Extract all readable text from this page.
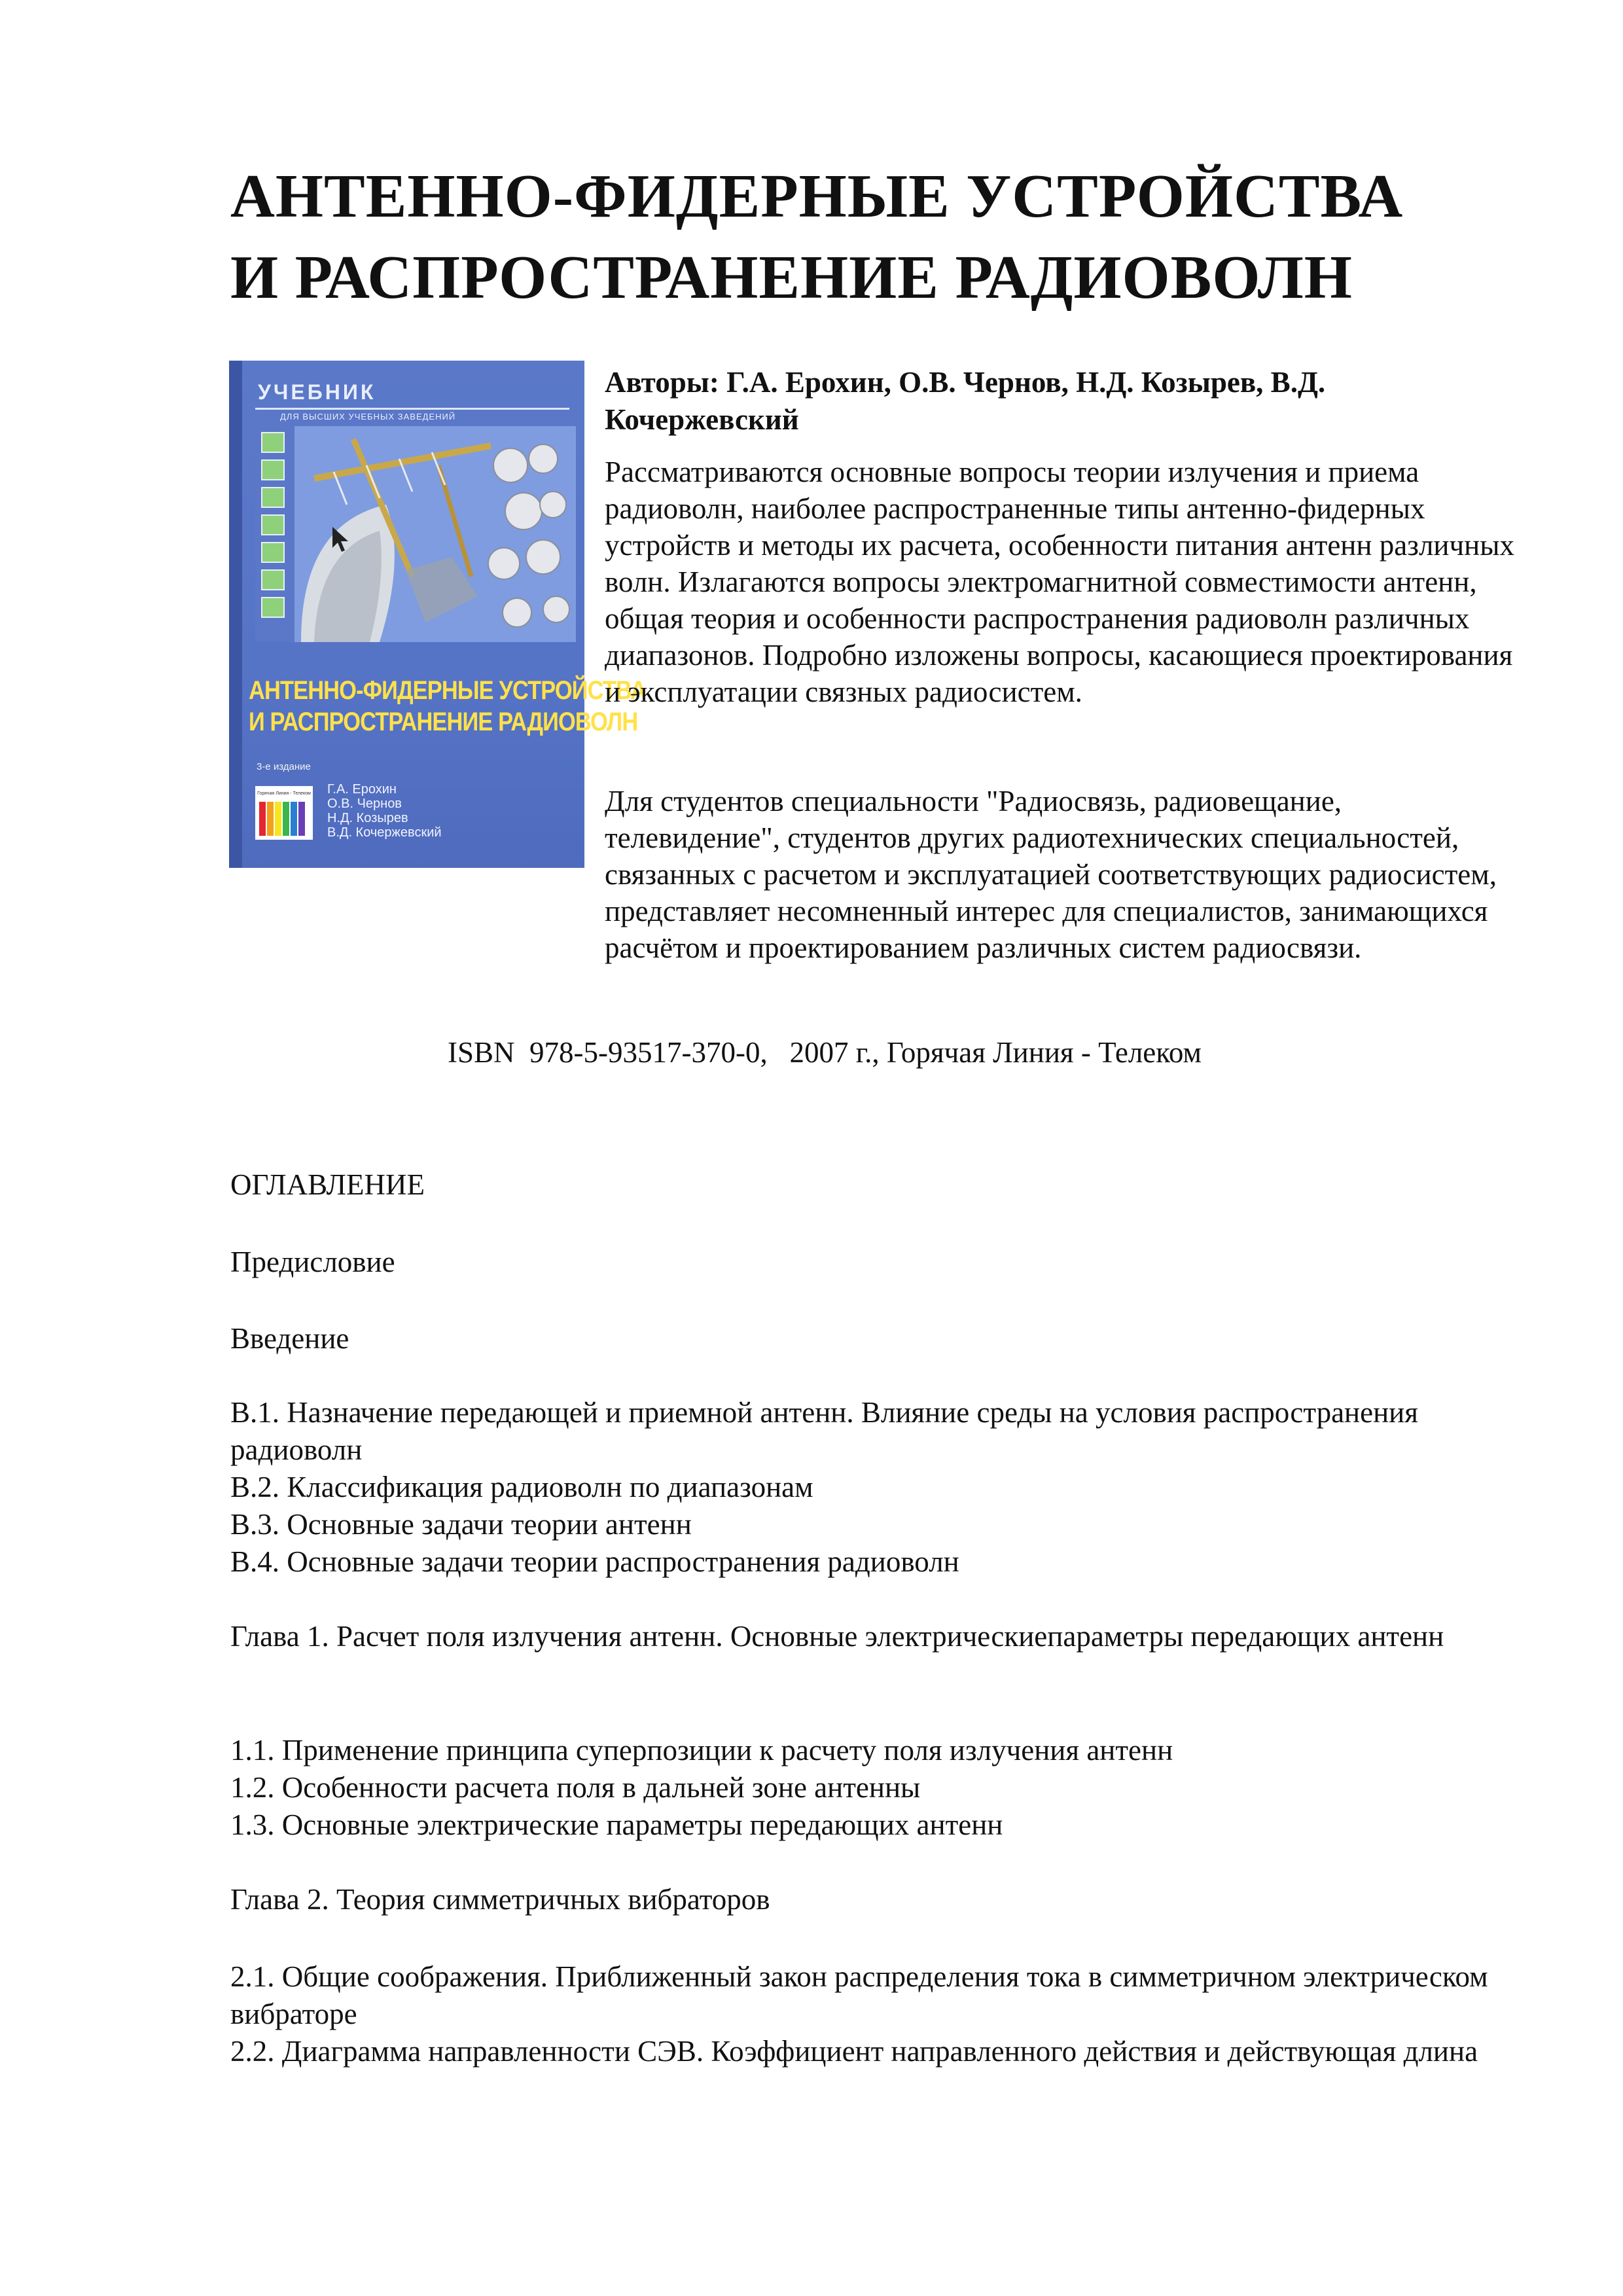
АНТЕННО-ФИДЕРНЫЕ УСТРОЙСТВА
И РАСПРОСТРАНЕНИЕ РАДИОВОЛН
УЧЕБНИК
ДЛЯ ВЫСШИХ УЧЕБНЫХ ЗАВЕДЕНИЙ
АНТЕННО-ФИДЕРНЫЕ УСТРОЙСТВА
И РАСПРОСТРАНЕНИЕ РАДИОВОЛН
3-е издание
Горячая Линия - Телеком Г.А. Ерохин
О.В. Чернов
Н.Д. Козырев
В.Д. Кочержевский

Авторы: Г.А. Ерохин, О.В. Чернов, Н.Д. Козырев, В.Д. Кочержевский

Рассматриваются основные вопросы теории излучения и приема радиоволн, наиболее распространенные типы антенно-фидерных устройств и методы их расчета, особенности питания антенн различных волн. Излагаются вопросы электромагнитной совместимости антенн, общая теория и особенности распространения радиоволн различных диапазонов. Подробно изложены вопросы, касающиеся проектирования и эксплуатации связных радиосистем.

Для студентов специальности "Радиосвязь, радиовещание, телевидение", студентов других радиотехнических специальностей, связанных с расчетом и эксплуатацией соответствующих радиосистем, представляет несомненный интерес для специалистов, занимающихся расчётом и проектированием различных систем радиосвязи.

ISBN  978-5-93517-370-0,   2007 г., Горячая Линия - Телеком
ОГЛАВЛЕНИЕ
Предисловие
Введение
В.1. Назначение передающей и приемной антенн. Влияние среды на условия распространения радиоволн
В.2. Классификация радиоволн по диапазонам
В.3. Основные задачи теории антенн
В.4. Основные задачи теории распространения радиоволн
Глава 1. Расчет поля излучения антенн. Основные электрическиепараметры передающих антенн
1.1. Применение принципа суперпозиции к расчету поля излучения антенн
1.2. Особенности расчета поля в дальней зоне антенны
1.3. Основные электрические параметры передающих антенн
Глава 2. Теория симметричных вибраторов
2.1. Общие соображения. Приближенный закон распределения тока в симметричном электрическом вибраторе
2.2. Диаграмма направленности СЭВ. Коэффициент направленного действия и действующая длина
